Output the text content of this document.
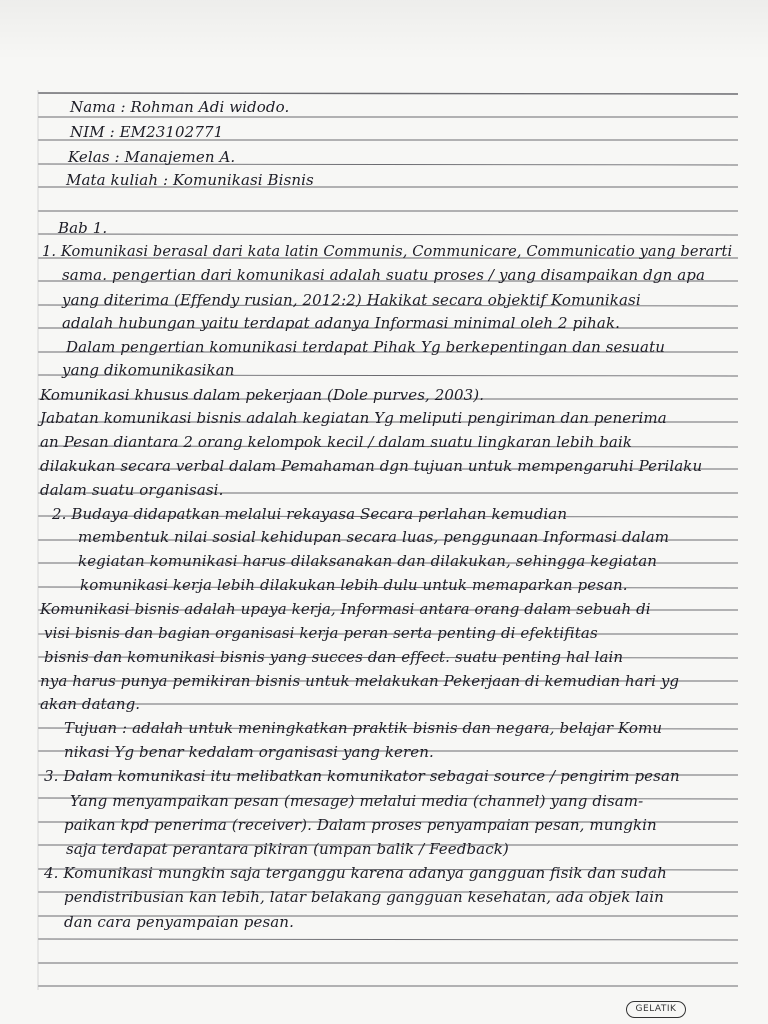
Nama : Rohman Adi widodo.
NIM : EM23102771
Kelas : Manajemen A.
Mata kuliah : Komunikasi Bisnis
Bab 1.
1. Komunikasi berasal dari kata latin Communis, Communicare, Communicatio yang berarti
sama. pengertian dari komunikasi adalah suatu proses / yang disampaikan dgn apa
yang diterima (Effendy rusian, 2012:2) Hakikat secara objektif Komunikasi
adalah hubungan yaitu terdapat adanya Informasi minimal oleh 2 pihak.
Dalam pengertian komunikasi terdapat Pihak Yg berkepentingan dan sesuatu
yang dikomunikasikan
Komunikasi khusus dalam pekerjaan (Dole purves, 2003).
Jabatan komunikasi bisnis adalah kegiatan Yg meliputi pengiriman dan penerima
an Pesan diantara 2 orang kelompok kecil / dalam suatu lingkaran lebih baik
dilakukan secara verbal dalam Pemahaman dgn tujuan untuk mempengaruhi Perilaku
dalam suatu organisasi.
2. Budaya didapatkan melalui rekayasa Secara perlahan kemudian
membentuk nilai sosial kehidupan secara luas, penggunaan Informasi dalam
kegiatan komunikasi harus dilaksanakan dan dilakukan, sehingga kegiatan
komunikasi kerja lebih dilakukan lebih dulu untuk memaparkan pesan.
Komunikasi bisnis adalah upaya kerja, Informasi antara orang dalam sebuah di
visi bisnis dan bagian organisasi kerja peran serta penting di efektifitas
bisnis dan komunikasi bisnis yang succes dan effect. suatu penting hal lain
nya harus punya pemikiran bisnis untuk melakukan Pekerjaan di kemudian hari yg
akan datang.
Tujuan : adalah untuk meningkatkan praktik bisnis dan negara, belajar Komu
nikasi Yg benar kedalam organisasi yang keren.
3. Dalam komunikasi itu melibatkan komunikator sebagai source / pengirim pesan
Yang menyampaikan pesan (mesage) melalui media (channel) yang disam-
paikan kpd penerima (receiver). Dalam proses penyampaian pesan, mungkin
saja terdapat perantara pikiran (umpan balik / Feedback)
4. Komunikasi mungkin saja terganggu karena adanya gangguan fisik dan sudah
pendistribusian kan lebih, latar belakang gangguan kesehatan, ada objek lain
dan cara penyampaian pesan.
GELATIK
